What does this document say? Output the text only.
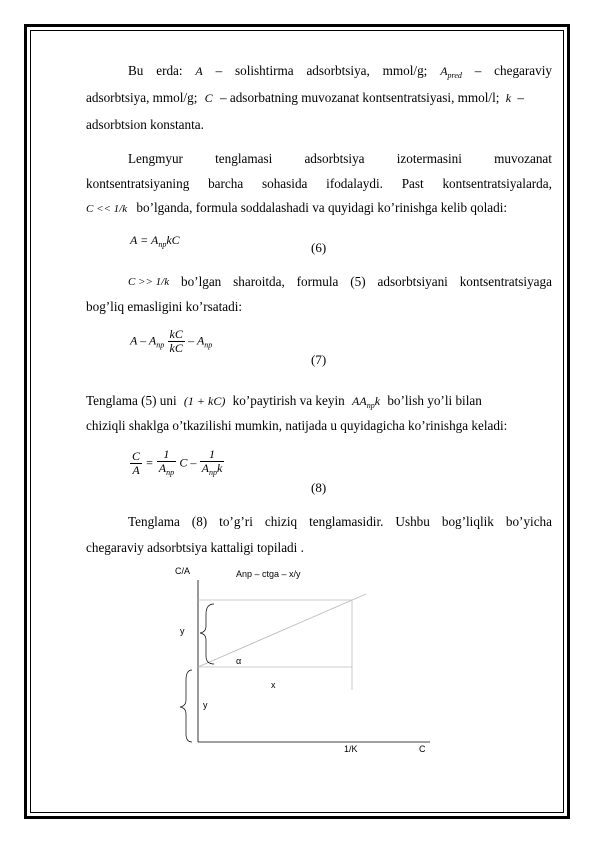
Bu erda: A – solishtirma adsorbtsiya, mmol/g; $A_{pred}$ – chegaraviy
adsorbtsiya, mmol/g; C – adsorbatning muvozanat kontsentratsiyasi, mmol/l; k –
adsorbtsion konstanta.
Lengmyur tenglamasi adsorbtsiya izotermasini muvozanat
kontsentratsiyaning barcha sohasida ifodalaydi. Past kontsentratsiyalarda,
C << 1/k bo’lganda, formula soddalashadi va quyidagi ko’rinishga kelib qoladi:
$A = A_{np}kC$	(6)
C >> 1/k bo’lgan sharoitda, formula (5) adsorbtsiyani kontsentratsiyaga
bog’liq emasligini ko’rsatadi:
A – $A_{np} \frac{kC}{kC} - A_{np}$
(7)
Tenglama (5) uni (1 + kC) ko’paytirish va keyin $AA_{np}k$ bo’lish yo’li bilan
chiziqli shaklga o’tkazilishi mumkin, natijada u quyidagicha ko’rinishga keladi:
$\frac{C}{A} = \frac{1}{A_{np}}$ C – $\frac{1}{A_{np}k}$
(8)
Tenglama (8) to’g’ri chiziq tenglamasidir. Ushbu bog’liqlik bo’yicha
chegaraviy adsorbtsiya kattaligi topiladi .
C/A	Anp – ctga – x/y
y
α
x
y
1/K	C
